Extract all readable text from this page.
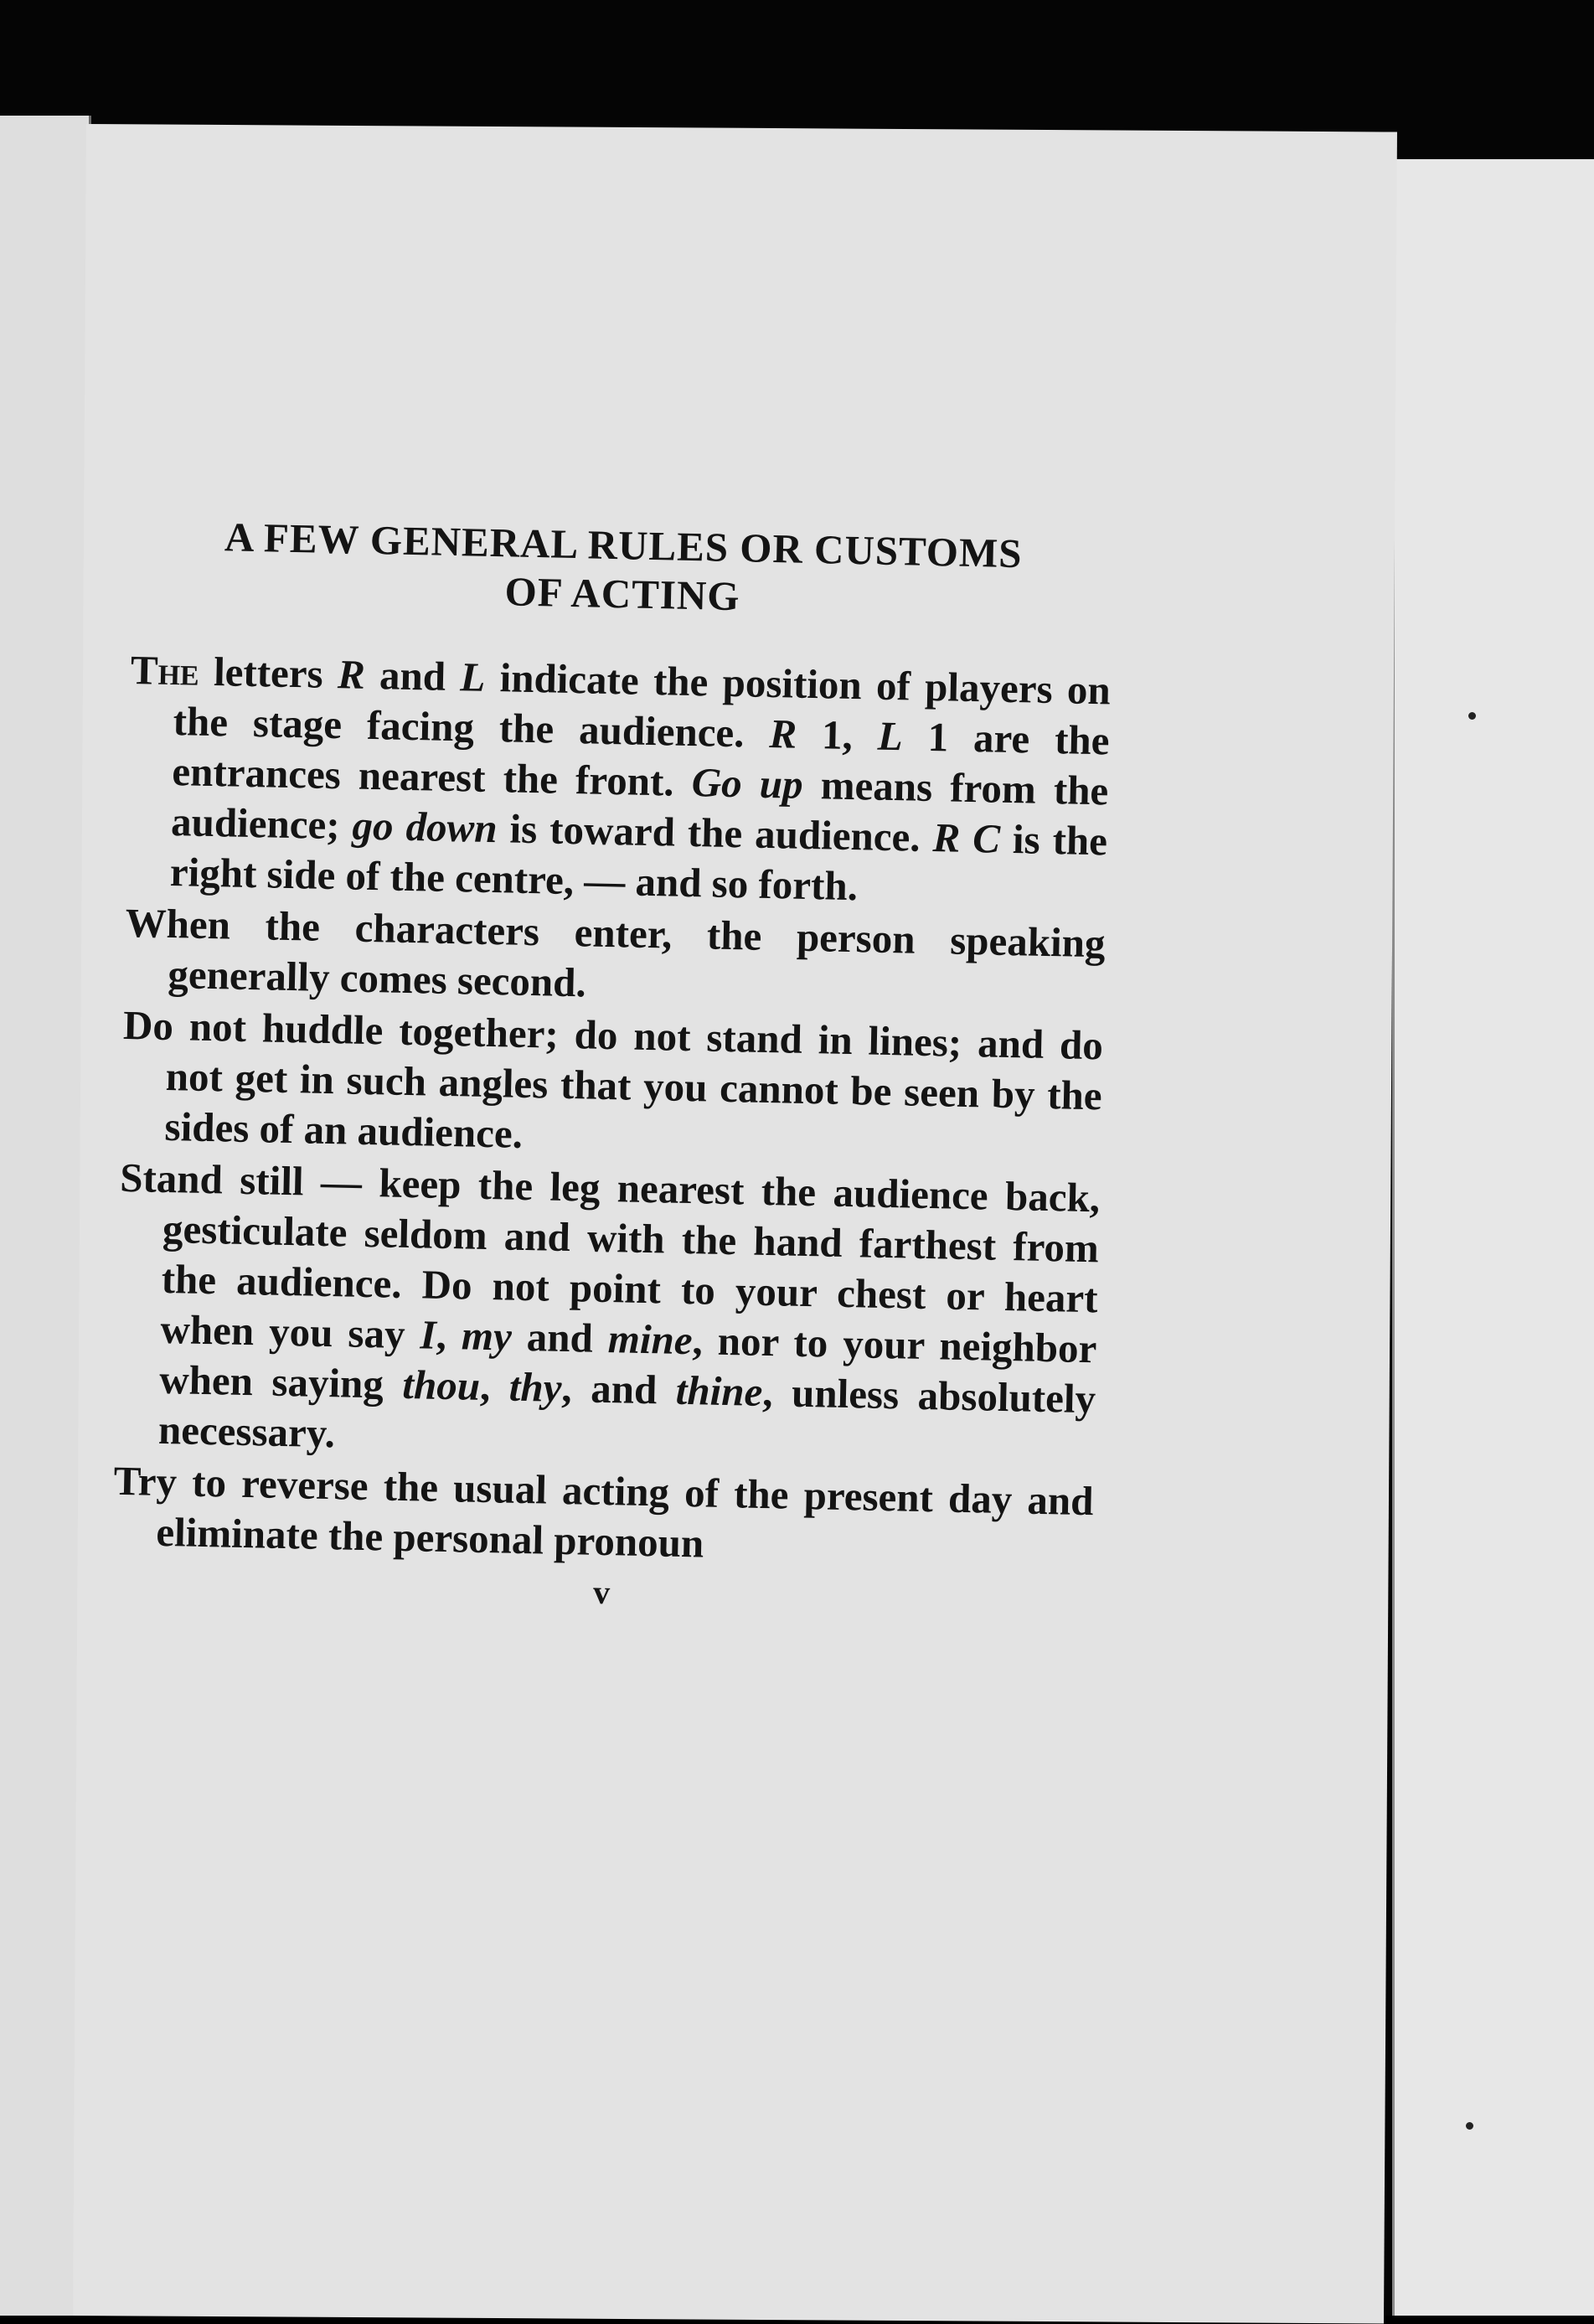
A FEW GENERAL RULES OR CUSTOMS
OF ACTING

The letters R and L indicate the position of players on the stage facing the audience. R 1, L 1 are the entrances nearest the front. Go up means from the audience; go down is toward the audience. R C is the right side of the centre, — and so forth.

When the characters enter, the person speaking generally comes second.

Do not huddle together; do not stand in lines; and do not get in such angles that you cannot be seen by the sides of an audience.

Stand still — keep the leg nearest the audience back, gesticulate seldom and with the hand farthest from the audience. Do not point to your chest or heart when you say I, my and mine, nor to your neighbor when saying thou, thy, and thine, unless absolutely necessary.

Try to reverse the usual acting of the present day and eliminate the personal pronoun

v
